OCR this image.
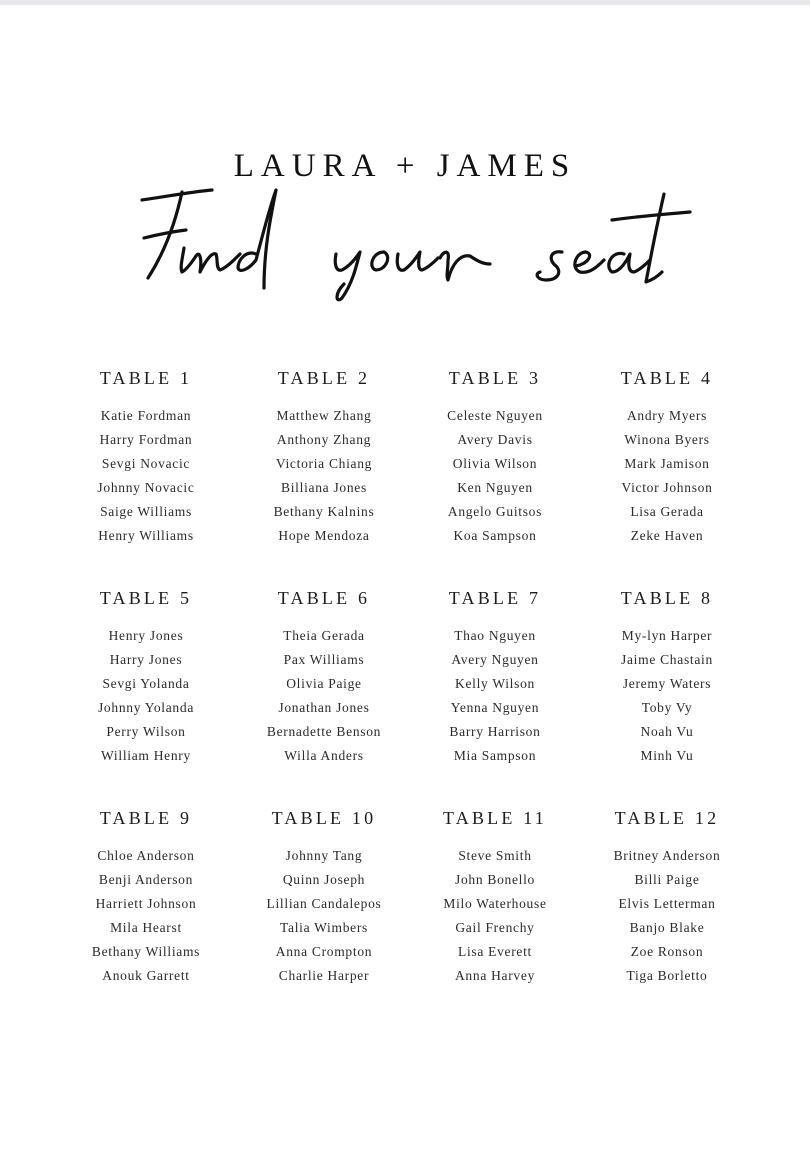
LAURA + JAMES
TABLE 1
Katie Fordman
Harry Fordman
Sevgi Novacic
Johnny Novacic
Saige Williams
Henry Williams
TABLE 2
Matthew Zhang
Anthony Zhang
Victoria Chiang
Billiana Jones
Bethany Kalnins
Hope Mendoza
TABLE 3
Celeste Nguyen
Avery Davis
Olivia Wilson
Ken Nguyen
Angelo Guitsos
Koa Sampson
TABLE 4
Andry Myers
Winona Byers
Mark Jamison
Victor Johnson
Lisa Gerada
Zeke Haven
TABLE 5
Henry Jones
Harry Jones
Sevgi Yolanda
Johnny Yolanda
Perry Wilson
William Henry
TABLE 6
Theia Gerada
Pax Williams
Olivia Paige
Jonathan Jones
Bernadette Benson
Willa Anders
TABLE 7
Thao Nguyen
Avery Nguyen
Kelly Wilson
Yenna Nguyen
Barry Harrison
Mia Sampson
TABLE 8
My-lyn Harper
Jaime Chastain
Jeremy Waters
Toby Vy
Noah Vu
Minh Vu
TABLE 9
Chloe Anderson
Benji Anderson
Harriett Johnson
Mila Hearst
Bethany Williams
Anouk Garrett
TABLE 10
Johnny Tang
Quinn Joseph
Lillian Candalepos
Talia Wimbers
Anna Crompton
Charlie Harper
TABLE 11
Steve Smith
John Bonello
Milo Waterhouse
Gail Frenchy
Lisa Everett
Anna Harvey
TABLE 12
Britney Anderson
Billi Paige
Elvis Letterman
Banjo Blake
Zoe Ronson
Tiga Borletto
